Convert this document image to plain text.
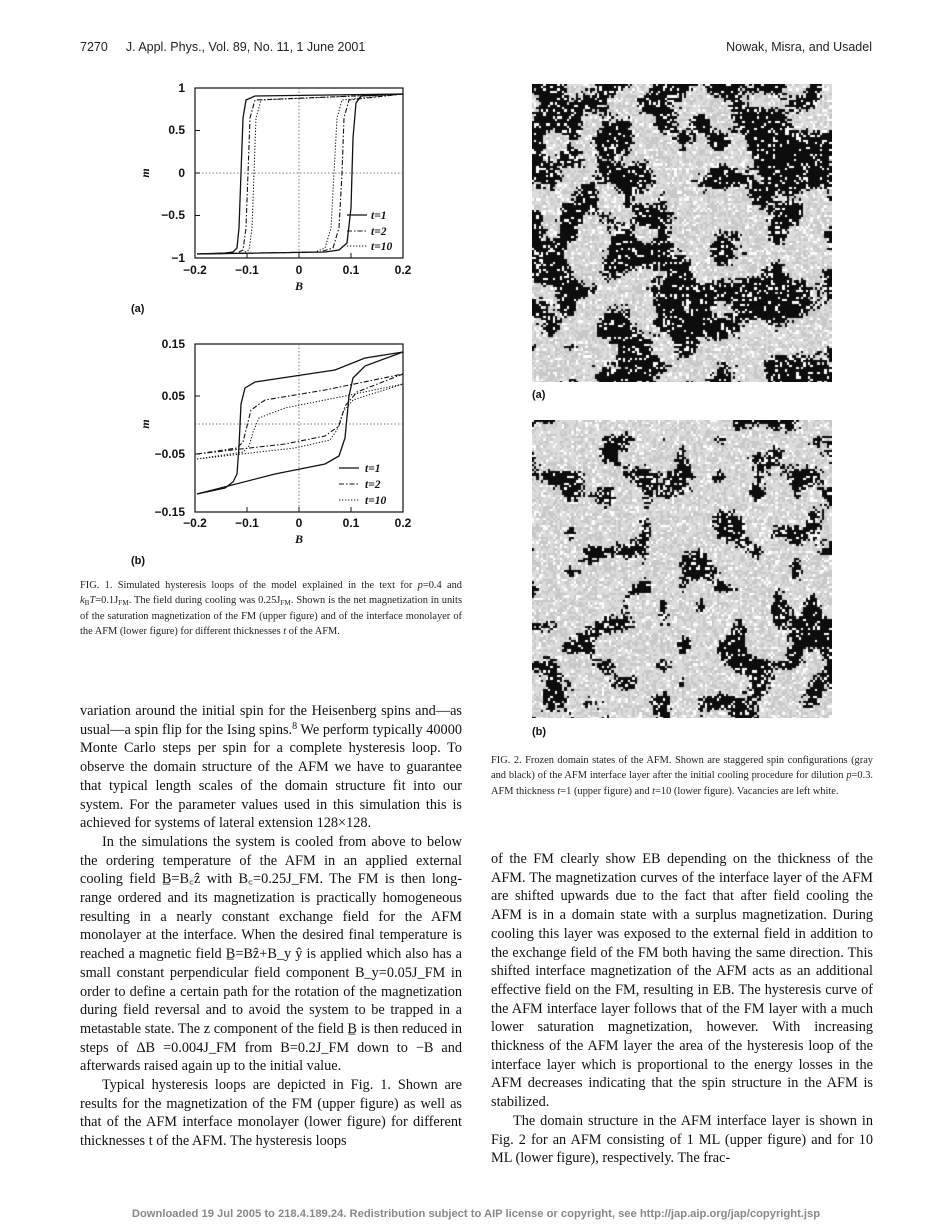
7270 J. Appl. Phys., Vol. 89, No. 11, 1 June 2001	Nowak, Misra, and Usadel
1
0.5
0
−0.5
−1
−0.2 −0.1	0	0.1	0.2
B
m
t=1
t=2
t=10
(a)
0.15
0.05
−0.05
−0.15
−0.2 −0.1	0	0.1	0.2
B
m
t=1
t=2
t=10
(b)
FIG. 1. Simulated hysteresis loops of the model explained in the text for p=0.4 and $k_BT=0.1J_{FM}$. The field during cooling was $0.25J_{FM}$. Shown is the net magnetization in units of the saturation magnetization of the FM (upper figure) and of the interface monolayer of the AFM (lower figure) for different thicknesses t of the AFM.

variation around the initial spin for the Heisenberg spins and—as usual—a spin flip for the Ising spins.$^8$ We perform typically 40000 Monte Carlo steps per spin for a complete hysteresis loop. To observe the domain structure of the AFM we have to guarantee that typical length scales of the domain structure fit into our system. For the parameter values used in this simulation this is achieved for systems of lateral extension 128×128.

In the simulations the system is cooled from above to below the ordering temperature of the AFM in an applied external cooling field B̲=B꜀ẑ with B꜀=0.25J_FM. The FM is then long-range ordered and its magnetization is practically homogeneous resulting in a nearly constant exchange field for the AFM monolayer at the interface. When the desired final temperature is reached a magnetic field B̲=Bẑ+B_y ŷ is applied which also has a small constant perpendicular field component B_y=0.05J_FM in order to define a certain path for the rotation of the magnetization during field reversal and to avoid the system to be trapped in a metastable state. The z component of the field B̲ is then reduced in steps of ΔB =0.004J_FM from B=0.2J_FM down to −B and afterwards raised again up to the initial value.

Typical hysteresis loops are depicted in Fig. 1. Shown are results for the magnetization of the FM (upper figure) as well as that of the AFM interface monolayer (lower figure) for different thicknesses t of the AFM. The hysteresis loops

(a)
(b)
FIG. 2. Frozen domain states of the AFM. Shown are staggered spin configurations (gray and black) of the AFM interface layer after the initial cooling procedure for dilution p=0.3. AFM thickness t=1 (upper figure) and t=10 (lower figure). Vacancies are left white.

of the FM clearly show EB depending on the thickness of the AFM. The magnetization curves of the interface layer of the AFM are shifted upwards due to the fact that after field cooling the AFM is in a domain state with a surplus magnetization. During cooling this layer was exposed to the external field in addition to the exchange field of the FM both having the same direction. This shifted interface magnetization of the AFM acts as an additional effective field on the FM, resulting in EB. The hysteresis curve of the AFM interface layer follows that of the FM layer with a much lower saturation magnetization, however. With increasing thickness of the AFM layer the area of the hysteresis loop of the interface layer which is proportional to the energy losses in the AFM decreases indicating that the spin structure in the AFM is stabilized.

The domain structure in the AFM interface layer is shown in Fig. 2 for an AFM consisting of 1 ML (upper figure) and for 10 ML (lower figure), respectively. The frac-

Downloaded 19 Jul 2005 to 218.4.189.24. Redistribution subject to AIP license or copyright, see http://jap.aip.org/jap/copyright.jsp
